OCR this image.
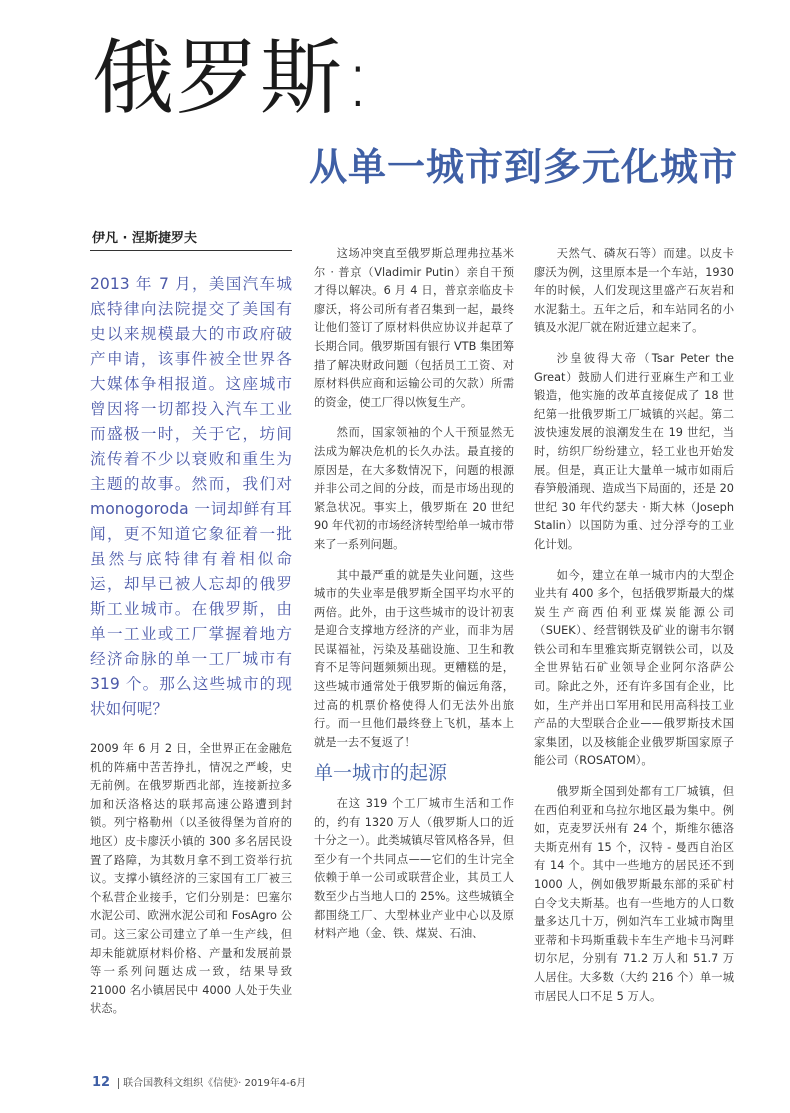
俄罗斯:
从单一城市到多元化城市
伊凡 · 涅斯捷罗夫
2013 年 7 月，美国汽车城底特律向法院提交了美国有史以来规模最大的市政府破产申请，该事件被全世界各大媒体争相报道。这座城市曾因将一切都投入汽车工业而盛极一时，关于它，坊间流传着不少以衰败和重生为主题的故事。然而，我们对 monogoroda 一词却鲜有耳闻，更不知道它象征着一批虽然与底特律有着相似命运，却早已被人忘却的俄罗斯工业城市。在俄罗斯，由单一工业或工厂掌握着地方经济命脉的单一工厂城市有 319 个。那么这些城市的现状如何呢？

2009 年 6 月 2 日，全世界正在金融危机的阵痛中苦苦挣扎，情况之严峻，史无前例。在俄罗斯西北部，连接新拉多加和沃洛格达的联邦高速公路遭到封锁。列宁格勒州（以圣彼得堡为首府的地区）皮卡廖沃小镇的 300 多名居民设置了路障，为其数月拿不到工资举行抗议。支撑小镇经济的三家国有工厂被三个私营企业接手，它们分别是：巴塞尔水泥公司、欧洲水泥公司和 FosAgro 公司。这三家公司建立了单一生产线，但却未能就原材料价格、产量和发展前景等一系列问题达成一致，结果导致 21000 名小镇居民中 4000 人处于失业状态。

这场冲突直至俄罗斯总理弗拉基米尔 · 普京（Vladimir Putin）亲自干预才得以解决。6 月 4 日，普京亲临皮卡廖沃，将公司所有者召集到一起，最终让他们签订了原材料供应协议并起草了长期合同。俄罗斯国有银行 VTB 集团筹措了解决财政问题（包括员工工资、对原材料供应商和运输公司的欠款）所需的资金，使工厂得以恢复生产。

然而，国家领袖的个人干预显然无法成为解决危机的长久办法。最直接的原因是，在大多数情况下，问题的根源并非公司之间的分歧，而是市场出现的紧急状况。事实上，俄罗斯在 20 世纪 90 年代初的市场经济转型给单一城市带来了一系列问题。

其中最严重的就是失业问题，这些城市的失业率是俄罗斯全国平均水平的两倍。此外，由于这些城市的设计初衷是迎合支撑地方经济的产业，而非为居民谋福祉，污染及基础设施、卫生和教育不足等问题频频出现。更糟糕的是，这些城市通常处于俄罗斯的偏远角落，过高的机票价格使得人们无法外出旅行。而一旦他们最终登上飞机，基本上就是一去不复返了！

单一城市的起源

在这 319 个工厂城市生活和工作的，约有 1320 万人（俄罗斯人口的近十分之一）。此类城镇尽管风格各异，但至少有一个共同点——它们的生计完全依赖于单一公司或联营企业，其员工人数至少占当地人口的 25%。这些城镇全都围绕工厂、大型林业产业中心以及原材料产地（金、铁、煤炭、石油、

天然气、磷灰石等）而建。以皮卡廖沃为例，这里原本是一个车站，1930 年的时候，人们发现这里盛产石灰岩和水泥黏土。五年之后，和车站同名的小镇及水泥厂就在附近建立起来了。

沙皇彼得大帝（Tsar Peter the Great）鼓励人们进行亚麻生产和工业锻造，他实施的改革直接促成了 18 世纪第一批俄罗斯工厂城镇的兴起。第二波快速发展的浪潮发生在 19 世纪，当时，纺织厂纷纷建立，轻工业也开始发展。但是，真正让大量单一城市如雨后春笋般涌现、造成当下局面的，还是 20 世纪 30 年代约瑟夫 · 斯大林（Joseph Stalin）以国防为重、过分浮夸的工业化计划。

如今，建立在单一城市内的大型企业共有 400 多个，包括俄罗斯最大的煤炭生产商西伯利亚煤炭能源公司（SUEK）、经营钢铁及矿业的谢韦尔钢铁公司和车里雅宾斯克钢铁公司，以及全世界钻石矿业领导企业阿尔洛萨公司。除此之外，还有许多国有企业，比如，生产并出口军用和民用高科技工业产品的大型联合企业——俄罗斯技术国家集团，以及核能企业俄罗斯国家原子能公司（ROSATOM）。

俄罗斯全国到处都有工厂城镇，但在西伯利亚和乌拉尔地区最为集中。例如，克麦罗沃州有 24 个，斯维尔德洛夫斯克州有 15 个，汉特 - 曼西自治区有 14 个。其中一些地方的居民还不到 1000 人，例如俄罗斯最东部的采矿村白令戈夫斯基。也有一些地方的人口数量多达几十万，例如汽车工业城市陶里亚蒂和卡玛斯重载卡车生产地卡马河畔切尔尼，分别有 71.2 万人和 51.7 万人居住。大多数（大约 216 个）单一城市居民人口不足 5 万人。

12 联合国教科文组织《信使》· 2019年4-6月
